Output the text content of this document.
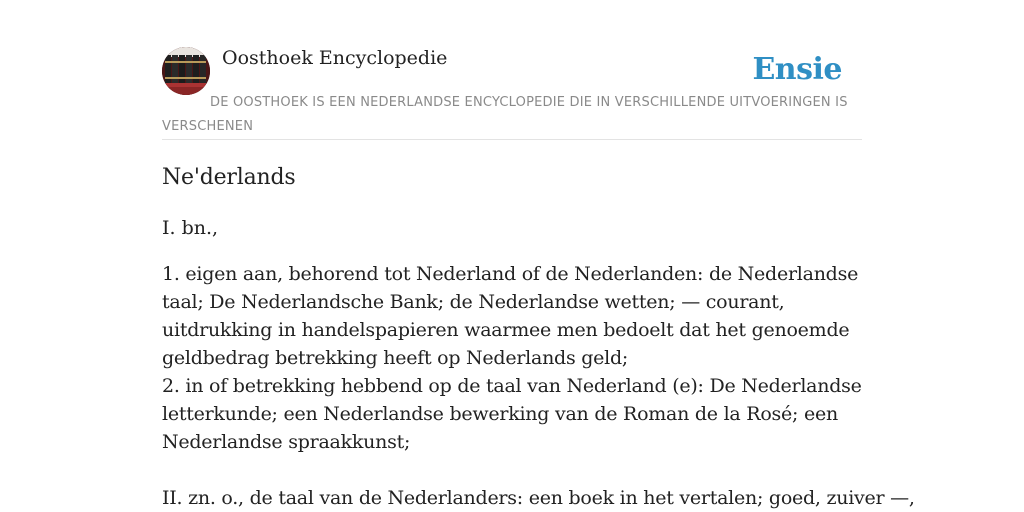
Oosthoek Encyclopedie	Ensie
DE OOSTHOEK IS EEN NEDERLANDSE ENCYCLOPEDIE DIE IN VERSCHILLENDE UITVOERINGEN IS VERSCHENEN
Ne'derlands

I. bn.,

1. eigen aan, behorend tot Nederland of de Nederlanden: de Nederlandse taal; De Nederlandsche Bank; de Nederlandse wetten; — courant, uitdrukking in handelspapieren waarmee men bedoelt dat het genoemde geldbedrag betrekking heeft op Nederlands geld;

2. in of betrekking hebbend op de taal van Nederland (e): De Nederlandse letterkunde; een Nederlandse bewerking van de Roman de la Rosé; een Nederlandse spraakkunst;

II. zn. o., de taal van de Nederlanders: een boek in het vertalen; goed, zuiver —,
